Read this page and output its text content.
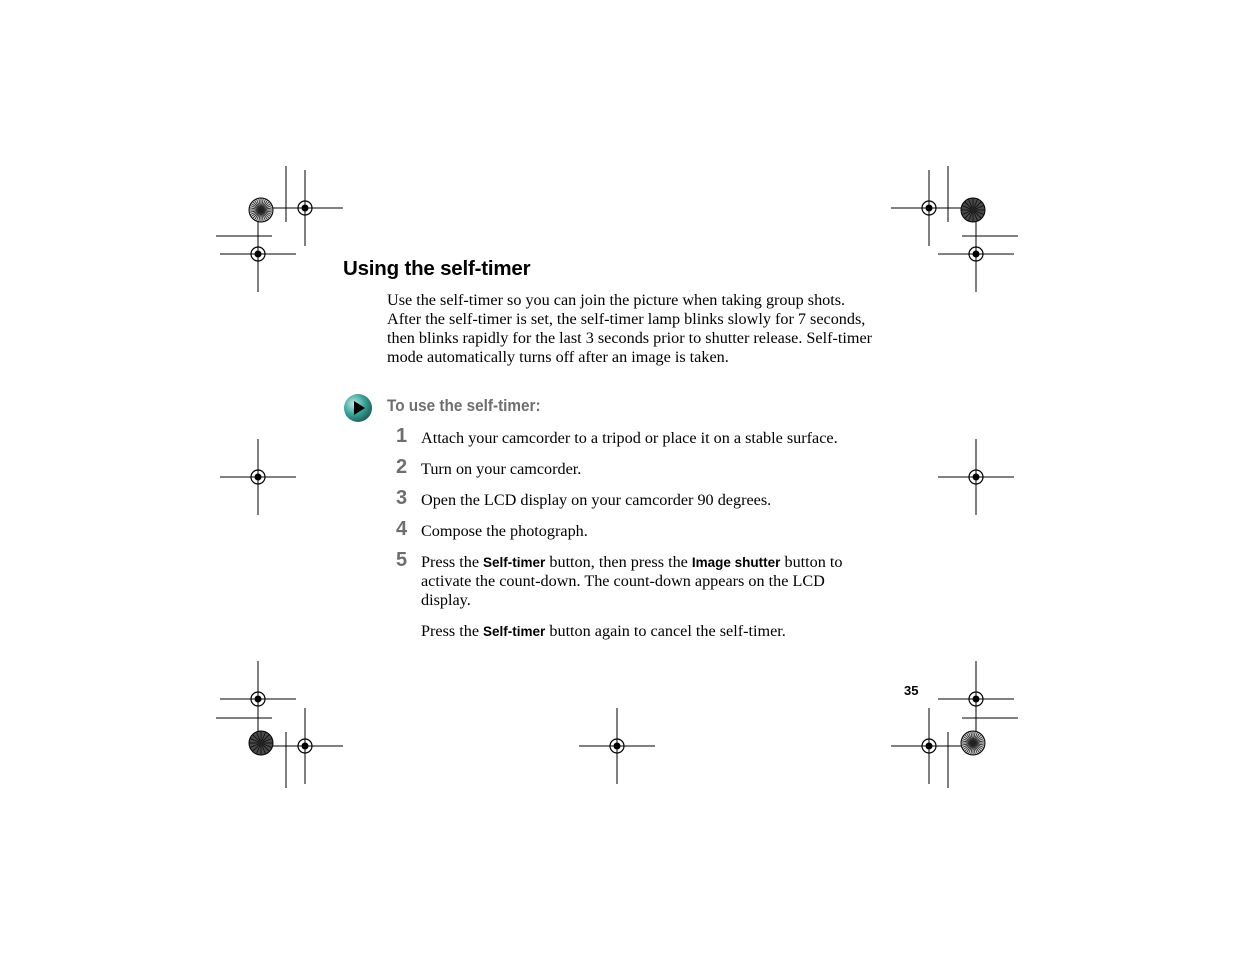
Using the self-timer
Use the self-timer so you can join the picture when taking group shots.
After the self-timer is set, the self-timer lamp blinks slowly for 7 seconds,
then blinks rapidly for the last 3 seconds prior to shutter release. Self-timer
mode automatically turns off after an image is taken.
To use the self-timer:
1 Attach your camcorder to a tripod or place it on a stable surface.
2 Turn on your camcorder.
3 Open the LCD display on your camcorder 90 degrees.
4 Compose the photograph.
5 Press the Self-timer button, then press the Image shutter button to
activate the count-down. The count-down appears on the LCD
display.
Press the Self-timer button again to cancel the self-timer.
35
